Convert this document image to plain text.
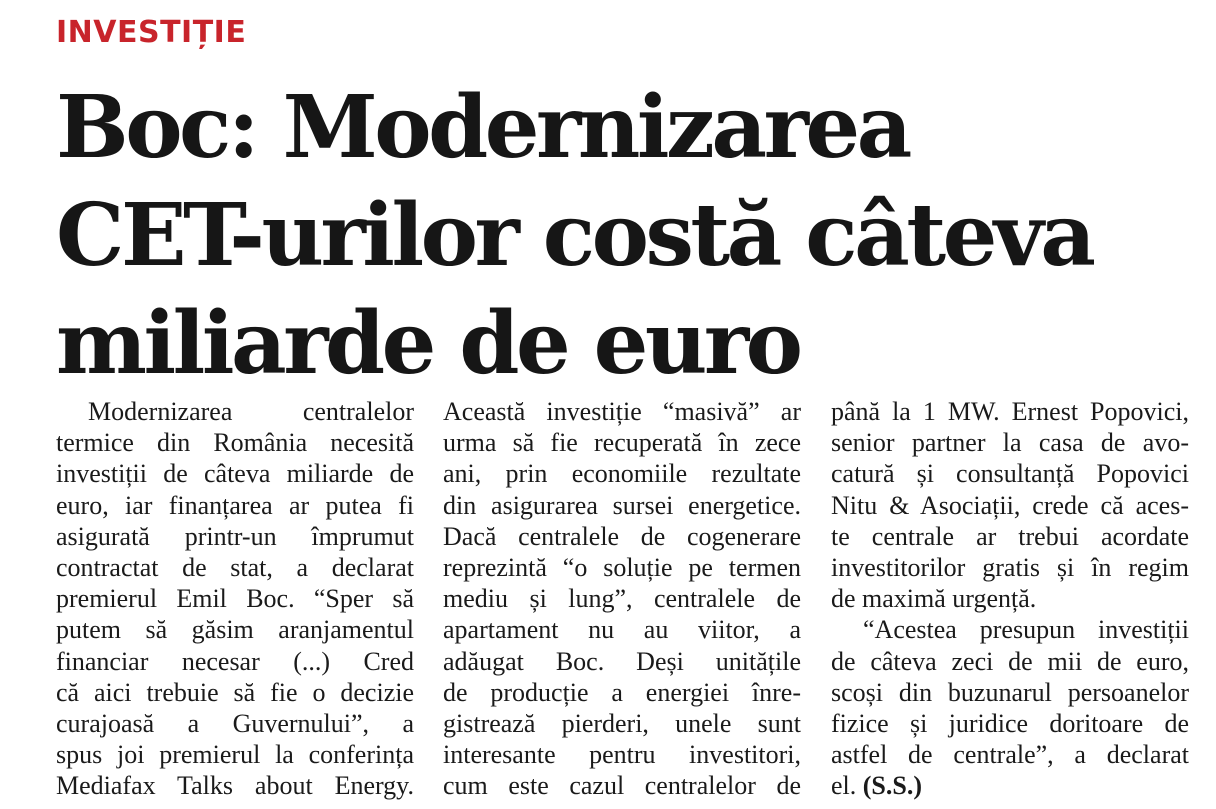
INVESTIȚIE
Boc: Modernizarea
CET-urilor costă câteva
miliarde de euro

Modernizarea centralelor
termice din România necesită
investiții de câteva miliarde de
euro, iar finanțarea ar putea fi
asigurată printr-un împrumut
contractat de stat, a declarat
premierul Emil Boc. “Sper să
putem să găsim aranjamentul
financiar necesar (...) Cred
că aici trebuie să fie o decizie
curajoasă a Guvernului”, a
spus joi premierul la conferința
Mediafax Talks about Energy.

Această investiție “masivă” ar
urma să fie recuperată în zece
ani, prin economiile rezultate
din asigurarea sursei energetice.
Dacă centralele de cogenerare
reprezintă “o soluție pe termen
mediu și lung”, centralele de
apartament nu au viitor, a
adăugat Boc. Deși unitățile
de producție a energiei înre-
gistrează pierderi, unele sunt
interesante pentru investitori,
cum este cazul centralelor de

până la 1 MW. Ernest Popovici,
senior partner la casa de avo-
catură și consultanță Popovici
Nitu & Asociații, crede că aces-
te centrale ar trebui acordate
investitorilor gratis și în regim
de maximă urgență.

“Acestea presupun investiții
de câteva zeci de mii de euro,
scoși din buzunarul persoanelor
fizice și juridice doritoare de
astfel de centrale”, a declarat
el. (S.S.)
